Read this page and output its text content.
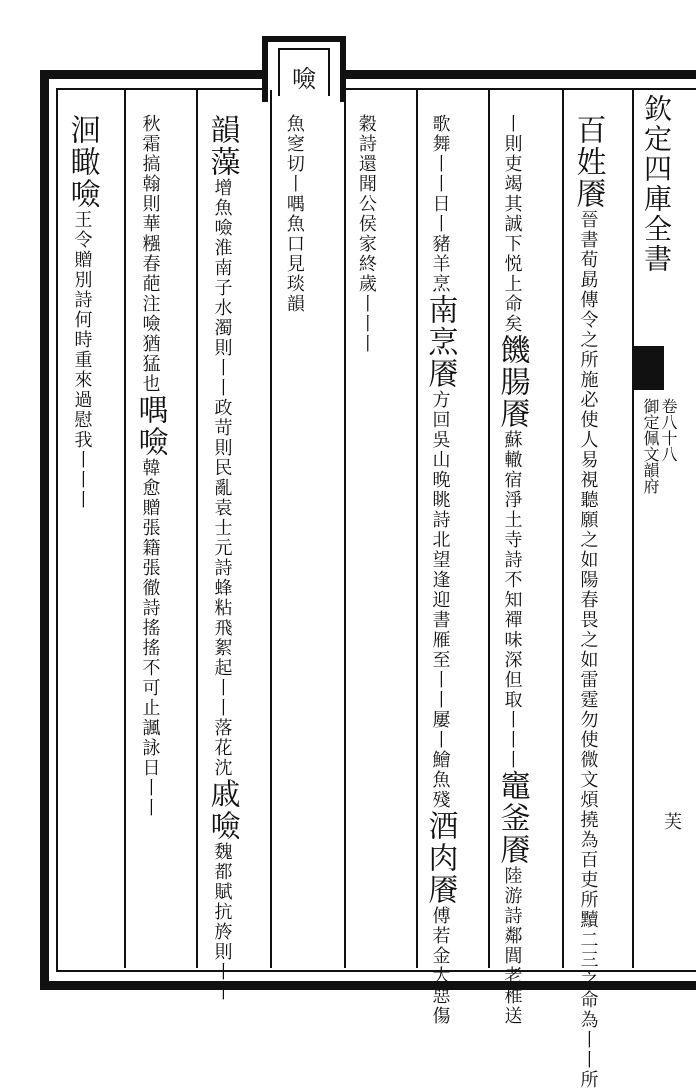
噞
欽定四庫全書
御定佩文韻府 卷八十八
芙
百姓餍晉書荀勗傳令之所施必使人易視聽願之如陽春畏之如雷霆勿使微文煩撓為百吏所黷二三之命為丨丨所
丨則吏竭其誠下悦上命矣饑腸餍蘇轍宿淨土寺詩不知禪味深但取丨丨丨竈釜餍陸游詩鄰閭老稚送
歌舞丨丨日丨豬羊烹南烹餍方回吳山晚眺詩北望逢迎書雁至丨丨屢丨鱠魚殘酒肉餍傅若金大惡傷
穀詩還聞公侯家終歲丨丨丨
魚窆切丨喁魚口見琰韻
韻藻增魚噞淮南子水濁則丨丨政苛則民亂袁士元詩蜂粘飛絮起丨丨落花沈戚噞魏都賦抗旍則丨丨
秋霜搞翰則華糨春葩注噞猶猛也喁噞韓愈贈張籍張徹詩搖搖不可止諷詠日丨丨
洄瞰噞王令贈別詩何時重來過慰我丨丨丨
